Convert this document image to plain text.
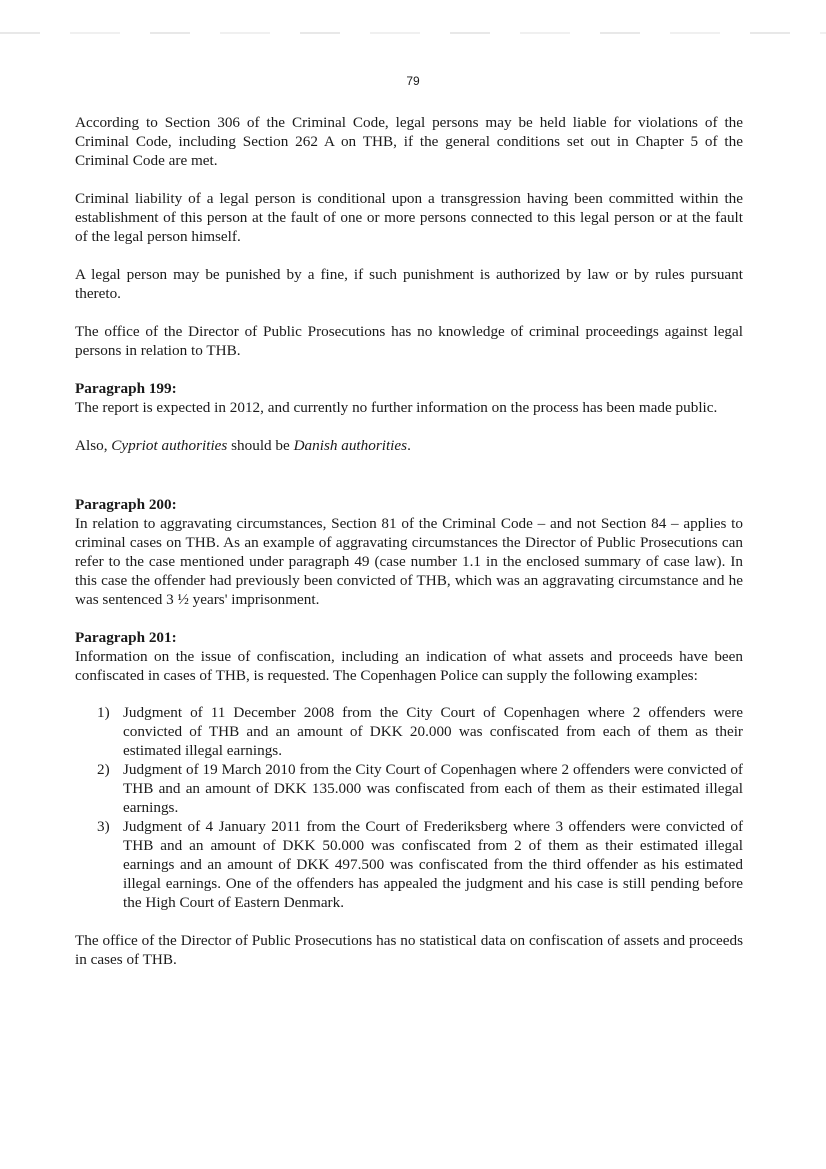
79

According to Section 306 of the Criminal Code, legal persons may be held liable for violations of the Criminal Code, including Section 262 A on THB, if the general conditions set out in Chapter 5 of the Criminal Code are met.

Criminal liability of a legal person is conditional upon a transgression having been committed within the establishment of this person at the fault of one or more persons connected to this legal person or at the fault of the legal person himself.

A legal person may be punished by a fine, if such punishment is authorized by law or by rules pursuant thereto.

The office of the Director of Public Prosecutions has no knowledge of criminal proceedings against legal persons in relation to THB.

Paragraph 199:

The report is expected in 2012, and currently no further information on the process has been made public.

Also, Cypriot authorities should be Danish authorities.

Paragraph 200:

In relation to aggravating circumstances, Section 81 of the Criminal Code – and not Section 84 – applies to criminal cases on THB. As an example of aggravating circumstances the Director of Public Prosecutions can refer to the case mentioned under paragraph 49 (case number 1.1 in the enclosed summary of case law). In this case the offender had previously been convicted of THB, which was an aggravating circumstance and he was sentenced 3 ½ years' imprisonment.

Paragraph 201:

Information on the issue of confiscation, including an indication of what assets and proceeds have been confiscated in cases of THB, is requested. The Copenhagen Police can supply the following examples:

1) Judgment of 11 December 2008 from the City Court of Copenhagen where 2 offenders were convicted of THB and an amount of DKK 20.000 was confiscated from each of them as their estimated illegal earnings.
2) Judgment of 19 March 2010 from the City Court of Copenhagen where 2 offenders were convicted of THB and an amount of DKK 135.000 was confiscated from each of them as their estimated illegal earnings.
3) Judgment of 4 January 2011 from the Court of Frederiksberg where 3 offenders were convicted of THB and an amount of DKK 50.000 was confiscated from 2 of them as their estimated illegal earnings and an amount of DKK 497.500 was confiscated from the third offender as his estimated illegal earnings. One of the offenders has appealed the judgment and his case is still pending before the High Court of Eastern Denmark.

The office of the Director of Public Prosecutions has no statistical data on confiscation of assets and proceeds in cases of THB.
